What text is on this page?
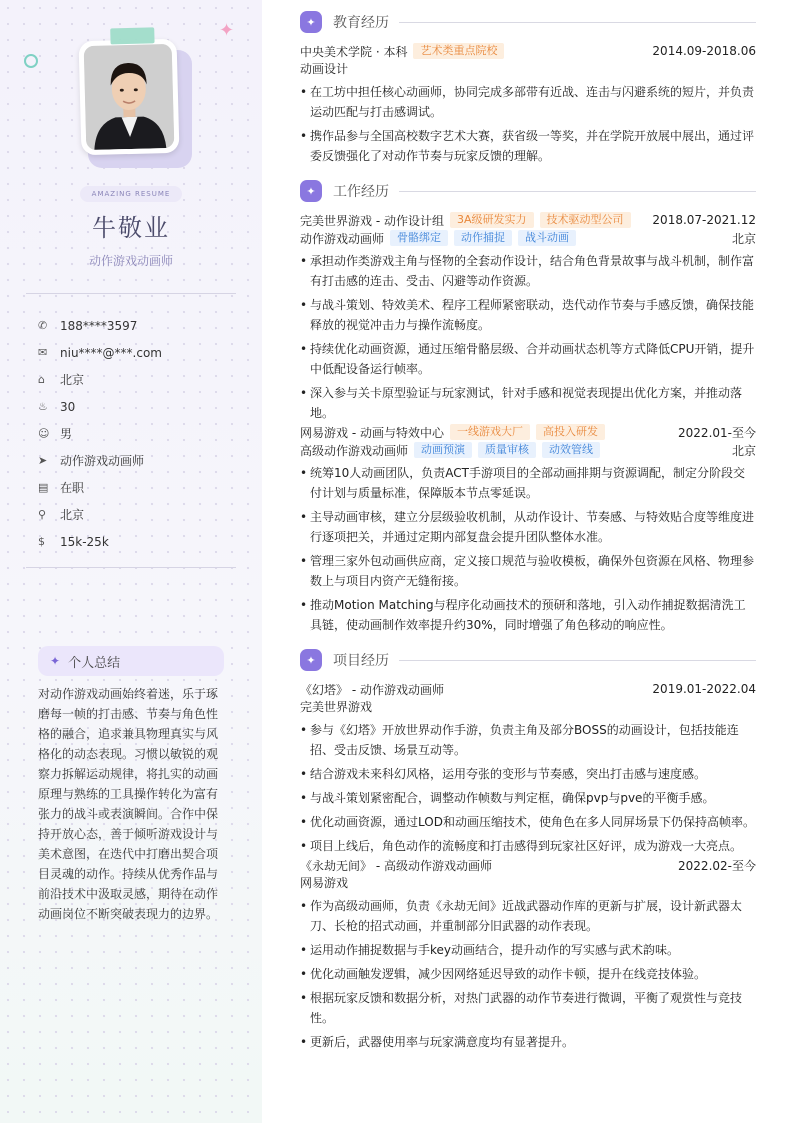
✦
AMAZING RESUME
牛敬业
动作游戏动画师
✆	188****3597
✉	niu****@***.com
⌂	北京
♨	30
☺ 男
➤	动作游戏动画师
▤ 在职
⚲	北京
$	15k-25k
✦ 个人总结

对动作游戏动画始终着迷，乐于琢磨每一帧的打击感、节奏与角色性格的融合，追求兼具物理真实与风格化的动态表现。习惯以敏锐的观察力拆解运动规律，将扎实的动画原理与熟练的工具操作转化为富有张力的战斗或表演瞬间。合作中保持开放心态，善于倾听游戏设计与美术意图，在迭代中打磨出契合项目灵魂的动作。持续从优秀作品与前沿技术中汲取灵感，期待在动作动画岗位不断突破表现力的边界。

✦	教育经历
中央美术学院 · 本科	艺术类重点院校	2014.09-2018.06
动画设计
• 在工坊中担任核心动画师，协同完成多部带有近战、连击与闪避系统的短片，并负责运动匹配与打击感调试。
• 携作品参与全国高校数字艺术大赛，获省级一等奖，并在学院开放展中展出，通过评委反馈强化了对动作节奏与玩家反馈的理解。
✦	工作经历
完美世界游戏 - 动作设计组	3A级研发实力	技术驱动型公司	2018.07-2021.12
动作游戏动画师	骨骼绑定	动作捕捉	战斗动画	北京
• 承担动作类游戏主角与怪物的全套动作设计，结合角色背景故事与战斗机制，制作富有打击感的连击、受击、闪避等动作资源。
• 与战斗策划、特效美术、程序工程师紧密联动，迭代动作节奏与手感反馈，确保技能释放的视觉冲击力与操作流畅度。
• 持续优化动画资源，通过压缩骨骼层级、合并动画状态机等方式降低CPU开销，提升中低配设备运行帧率。
• 深入参与关卡原型验证与玩家测试，针对手感和视觉表现提出优化方案，并推动落地。
网易游戏 - 动画与特效中心	一线游戏大厂	高投入研发	2022.01-至今
高级动作游戏动画师	动画预演	质量审核	动效管线	北京
• 统筹10人动画团队，负责ACT手游项目的全部动画排期与资源调配，制定分阶段交付计划与质量标准，保障版本节点零延误。
• 主导动画审核，建立分层级验收机制，从动作设计、节奏感、与特效贴合度等维度进行逐项把关，并通过定期内部复盘会提升团队整体水准。
• 管理三家外包动画供应商，定义接口规范与验收模板，确保外包资源在风格、物理参数上与项目内资产无缝衔接。
• 推动Motion Matching与程序化动画技术的预研和落地，引入动作捕捉数据清洗工具链，使动画制作效率提升约30%，同时增强了角色移动的响应性。
✦	项目经历
《幻塔》 - 动作游戏动画师	2019.01-2022.04
完美世界游戏
• 参与《幻塔》开放世界动作手游，负责主角及部分BOSS的动画设计，包括技能连招、受击反馈、场景互动等。
• 结合游戏未来科幻风格，运用夸张的变形与节奏感，突出打击感与速度感。
• 与战斗策划紧密配合，调整动作帧数与判定框，确保pvp与pve的平衡手感。
• 优化动画资源，通过LOD和动画压缩技术，使角色在多人同屏场景下仍保持高帧率。
• 项目上线后，角色动作的流畅度和打击感得到玩家社区好评，成为游戏一大亮点。
《永劫无间》 - 高级动作游戏动画师	2022.02-至今
网易游戏
• 作为高级动画师，负责《永劫无间》近战武器动作库的更新与扩展，设计新武器太刀、长枪的招式动画，并重制部分旧武器的动作表现。
• 运用动作捕捉数据与手key动画结合，提升动作的写实感与武术韵味。
• 优化动画触发逻辑，减少因网络延迟导致的动作卡顿，提升在线竞技体验。
• 根据玩家反馈和数据分析，对热门武器的动作节奏进行微调，平衡了观赏性与竞技性。
• 更新后，武器使用率与玩家满意度均有显著提升。
